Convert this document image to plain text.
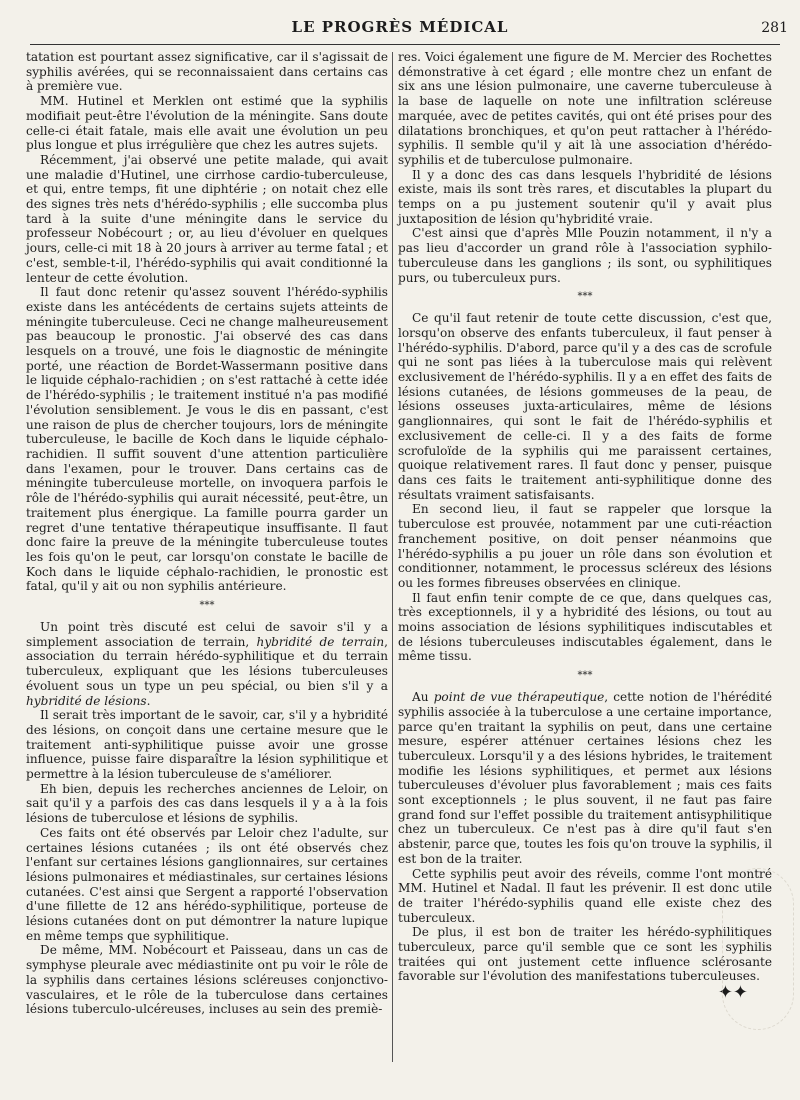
LE PROGRÈS MÉDICAL	281

tatation est pourtant assez significative, car il s'agissait de syphilis avérées, qui se reconnaissaient dans certains cas à première vue.

MM. Hutinel et Merklen ont estimé que la syphilis modifiait peut-être l'évolution de la méningite. Sans doute celle-ci était fatale, mais elle avait une évolution un peu plus longue et plus irrégulière que chez les autres sujets.

Récemment, j'ai observé une petite malade, qui avait une maladie d'Hutinel, une cirrhose cardio-tuberculeuse, et qui, entre temps, fit une diphtérie ; on notait chez elle des signes très nets d'hérédo-syphilis ; elle succomba plus tard à la suite d'une méningite dans le service du professeur Nobécourt ; or, au lieu d'évoluer en quelques jours, celle-ci mit 18 à 20 jours à arriver au terme fatal ; et c'est, semble-t-il, l'hérédo-syphilis qui avait conditionné la lenteur de cette évolution.

Il faut donc retenir qu'assez souvent l'hérédo-syphilis existe dans les antécédents de certains sujets atteints de méningite tuberculeuse. Ceci ne change malheureusement pas beaucoup le pronostic. J'ai observé des cas dans lesquels on a trouvé, une fois le diagnostic de méningite porté, une réaction de Bordet-Wassermann positive dans le liquide céphalo-rachidien ; on s'est rattaché à cette idée de l'hérédo-syphilis ; le traitement institué n'a pas modifié l'évolution sensiblement. Je vous le dis en passant, c'est une raison de plus de chercher toujours, lors de méningite tuberculeuse, le bacille de Koch dans le liquide céphalo-rachidien. Il suffit souvent d'une attention particulière dans l'examen, pour le trouver. Dans certains cas de méningite tuberculeuse mortelle, on invoquera parfois le rôle de l'hérédo-syphilis qui aurait nécessité, peut-être, un traitement plus énergique. La famille pourra garder un regret d'une tentative thérapeutique insuffisante. Il faut donc faire la preuve de la méningite tuberculeuse toutes les fois qu'on le peut, car lorsqu'on constate le bacille de Koch dans le liquide céphalo-rachidien, le pronostic est fatal, qu'il y ait ou non syphilis antérieure.

***

Un point très discuté est celui de savoir s'il y a simplement association de terrain, hybridité de terrain, association du terrain hérédo-syphilitique et du terrain tuberculeux, expliquant que les lésions tuberculeuses évoluent sous un type un peu spécial, ou bien s'il y a hybridité de lésions.

Il serait très important de le savoir, car, s'il y a hybridité des lésions, on conçoit dans une certaine mesure que le traitement anti-syphilitique puisse avoir une grosse influence, puisse faire disparaître la lésion syphilitique et permettre à la lésion tuberculeuse de s'améliorer.

Eh bien, depuis les recherches anciennes de Leloir, on sait qu'il y a parfois des cas dans lesquels il y a à la fois lésions de tuberculose et lésions de syphilis.

Ces faits ont été observés par Leloir chez l'adulte, sur certaines lésions cutanées ; ils ont été observés chez l'enfant sur certaines lésions ganglionnaires, sur certaines lésions pulmonaires et médiastinales, sur certaines lésions cutanées. C'est ainsi que Sergent a rapporté l'observation d'une fillette de 12 ans hérédo-syphilitique, porteuse de lésions cutanées dont on put démontrer la nature lupique en même temps que syphilitique.

De même, MM. Nobécourt et Paisseau, dans un cas de symphyse pleurale avec médiastinite ont pu voir le rôle de la syphilis dans certaines lésions scléreuses conjonctivo-vasculaires, et le rôle de la tuberculose dans certaines lésions tuberculo-ulcéreuses, incluses au sein des premiè-

res. Voici également une figure de M. Mercier des Rochettes démonstrative à cet égard ; elle montre chez un enfant de six ans une lésion pulmonaire, une caverne tuberculeuse à la base de laquelle on note une infiltration scléreuse marquée, avec de petites cavités, qui ont été prises pour des dilatations bronchiques, et qu'on peut rattacher à l'hérédo-syphilis. Il semble qu'il y ait là une association d'hérédo-syphilis et de tuberculose pulmonaire.

Il y a donc des cas dans lesquels l'hybridité de lésions existe, mais ils sont très rares, et discutables la plupart du temps on a pu justement soutenir qu'il y avait plus juxtaposition de lésion qu'hybridité vraie.

C'est ainsi que d'après Mlle Pouzin notamment, il n'y a pas lieu d'accorder un grand rôle à l'association syphilo-tuberculeuse dans les ganglions ; ils sont, ou syphilitiques purs, ou tuberculeux purs.

***

Ce qu'il faut retenir de toute cette discussion, c'est que, lorsqu'on observe des enfants tuberculeux, il faut penser à l'hérédo-syphilis. D'abord, parce qu'il y a des cas de scrofule qui ne sont pas liées à la tuberculose mais qui relèvent exclusivement de l'hérédo-syphilis. Il y a en effet des faits de lésions cutanées, de lésions gommeuses de la peau, de lésions osseuses juxta-articulaires, même de lésions ganglionnaires, qui sont le fait de l'hérédo-syphilis et exclusivement de celle-ci. Il y a des faits de forme scrofuloïde de la syphilis qui me paraissent certaines, quoique relativement rares. Il faut donc y penser, puisque dans ces faits le traitement anti-syphilitique donne des résultats vraiment satisfaisants.

En second lieu, il faut se rappeler que lorsque la tuberculose est prouvée, notamment par une cuti-réaction franchement positive, on doit penser néanmoins que l'hérédo-syphilis a pu jouer un rôle dans son évolution et conditionner, notamment, le processus scléreux des lésions ou les formes fibreuses observées en clinique.

Il faut enfin tenir compte de ce que, dans quelques cas, très exceptionnels, il y a hybridité des lésions, ou tout au moins association de lésions syphilitiques indiscutables et de lésions tuberculeuses indiscutables également, dans le même tissu.

***

Au point de vue thérapeutique, cette notion de l'hérédité syphilis associée à la tuberculose a une certaine importance, parce qu'en traitant la syphilis on peut, dans une certaine mesure, espérer atténuer certaines lésions chez les tuberculeux. Lorsqu'il y a des lésions hybrides, le traitement modifie les lésions syphilitiques, et permet aux lésions tuberculeuses d'évoluer plus favorablement ; mais ces faits sont exceptionnels ; le plus souvent, il ne faut pas faire grand fond sur l'effet possible du traitement antisyphilitique chez un tuberculeux. Ce n'est pas à dire qu'il faut s'en abstenir, parce que, toutes les fois qu'on trouve la syphilis, il est bon de la traiter.

Cette syphilis peut avoir des réveils, comme l'ont montré MM. Hutinel et Nadal. Il faut les prévenir. Il est donc utile de traiter l'hérédo-syphilis quand elle existe chez des tuberculeux.

De plus, il est bon de traiter les hérédo-syphilitiques tuberculeux, parce qu'il semble que ce sont les syphilis traitées qui ont justement cette influence sclérosante favorable sur l'évolution des manifestations tuberculeuses.

✦✦
